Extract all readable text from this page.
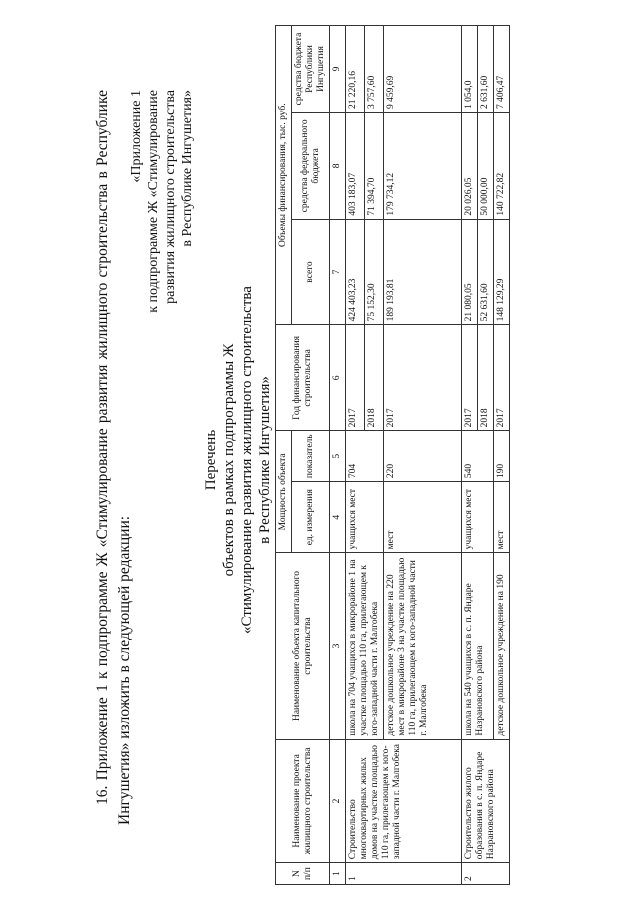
16. Приложение 1 к подпрограмме Ж «Стимулирование развития жилищного строительства в Республике Ингушетия» изложить в следующей редакции:

«Приложение 1 к подпрограмме Ж «Стимулирование развития жилищного строительства в Республике Ингушетия»
Перечень объектов в рамках подпрограммы Ж «Стимулирование развития жилищного строительства в Республике Ингушетия»
N п/п	Наименование проекта жилищного строительства	Наименование объекта капитального строительства	Мощность объекта		Год финансирования строительства	Объемы финансирования, тыс. руб.		
			ед. измерения	показатель		всего	средства федерального бюджета	средства бюджета Республики Ингушетия
1	2	3	4	5	6	7	8	9
1	Строительство многоквартирных жилых домов на участке площадью 110 га, прилегающем к юго-западной части г. Малгобека	школа на 704 учащихся в микрорайоне 1 на участке площадью 110 га, прилегающем к юго-западной части г. Малгобека	учащихся мест	704	2017	424 403,23	403 183,07	21 220,16
					2018	75 152,30	71 394,70	3 757,60
		детское дошкольное учреждение на 220 мест в микрорайоне 3 на участке площадью 110 га, прилегающем к юго-западной части г. Малгобека	мест	220	2017	189 193,81	179 734,12	9 459,69
2	Строительство жилого образования в с. п. Яндаре Назрановского района	школа на 540 учащихся в с. п. Яндаре Назрановского района	учащихся мест	540	2017	21 080,05	20 026,05	1 054,0
					2018	52 631,60	50 000,00	2 631,60
		детское дошкольное учреждение на 190	мест	190	2017	148 129,29	140 722,82	7 406,47
